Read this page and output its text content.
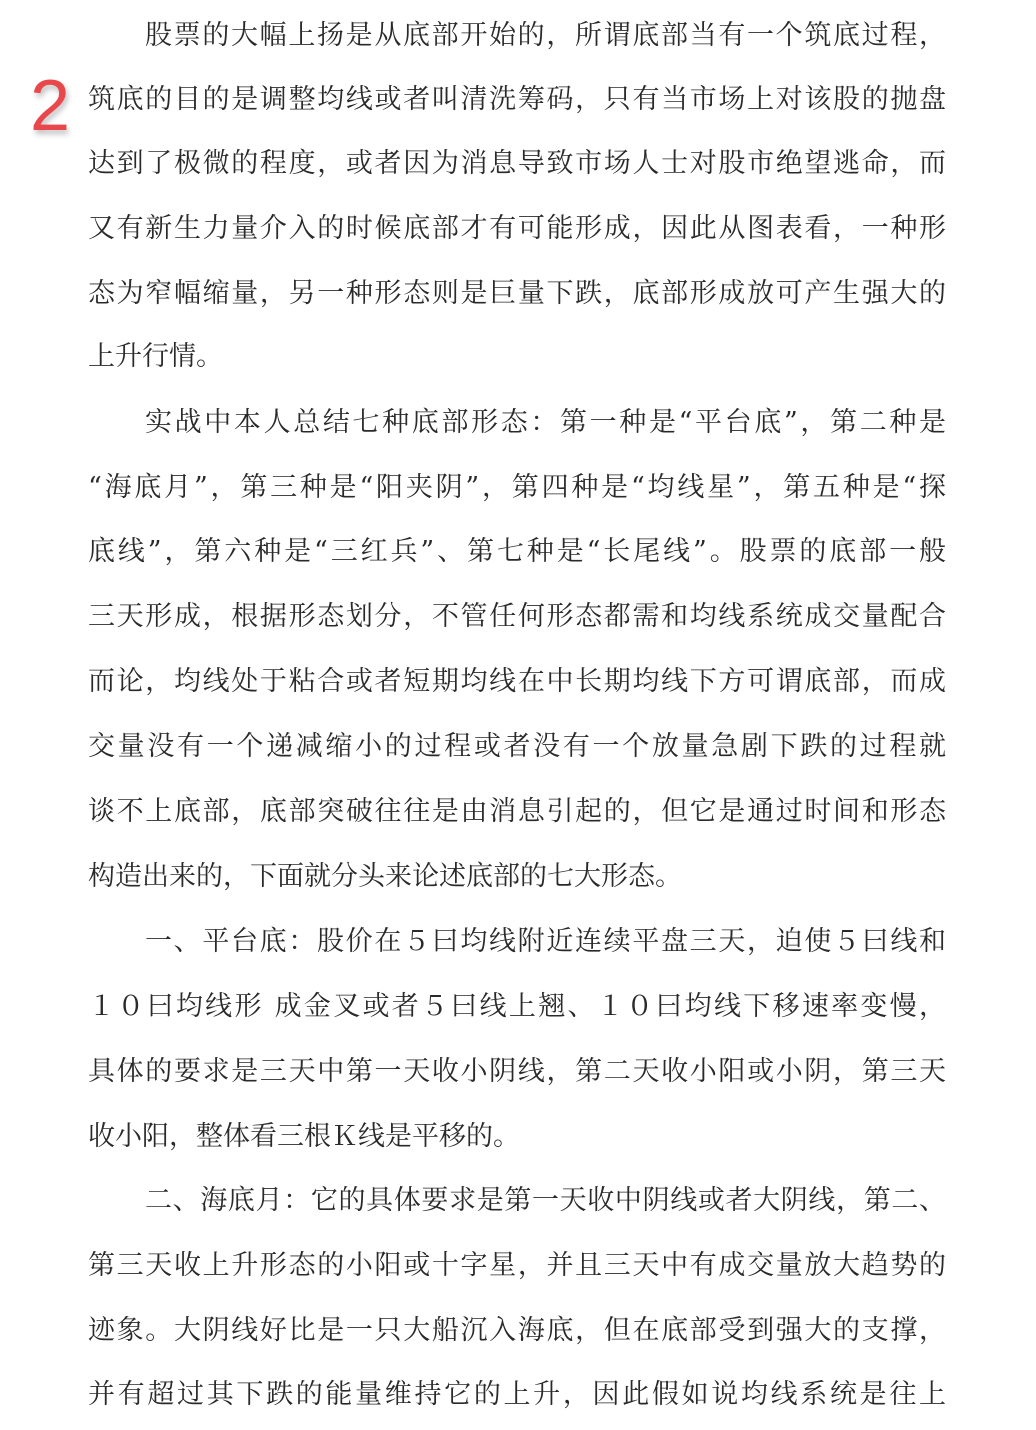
2
股票的大幅上扬是从底部开始的，所谓底部当有一个筑底过程，
筑底的目的是调整均线或者叫清洗筹码，只有当市场上对该股的抛盘
达到了极微的程度，或者因为消息导致市场人士对股市绝望逃命，而
又有新生力量介入的时候底部才有可能形成，因此从图表看，一种形
态为窄幅缩量，另一种形态则是巨量下跌，底部形成放可产生强大的
上升行情。
实战中本人总结七种底部形态：第一种是“平台底”，第二种是
“海底月”，第三种是“阳夹阴”，第四种是“均线星”，第五种是“探
底线”，第六种是“三红兵”、第七种是“长尾线”。股票的底部一般
三天形成，根据形态划分，不管任何形态都需和均线系统成交量配合
而论，均线处于粘合或者短期均线在中长期均线下方可谓底部，而成
交量没有一个递减缩小的过程或者没有一个放量急剧下跌的过程就
谈不上底部，底部突破往往是由消息引起的，但它是通过时间和形态
构造出来的，下面就分头来论述底部的七大形态。
一、平台底：股价在５曰均线附近连续平盘三天，迫使５曰线和
１０曰均线形 成金叉或者５曰线上翘、１０曰均线下移速率变慢，
具体的要求是三天中第一天收小阴线，第二天收小阳或小阴，第三天
收小阳，整体看三根Ｋ线是平移的。
二、海底月：它的具体要求是第一天收中阴线或者大阴线，第二、
第三天收上升形态的小阳或十字星，并且三天中有成交量放大趋势的
迹象。大阴线好比是一只大船沉入海底，但在底部受到强大的支撑，
并有超过其下跌的能量维持它的上升，因此假如说均线系统是往上
